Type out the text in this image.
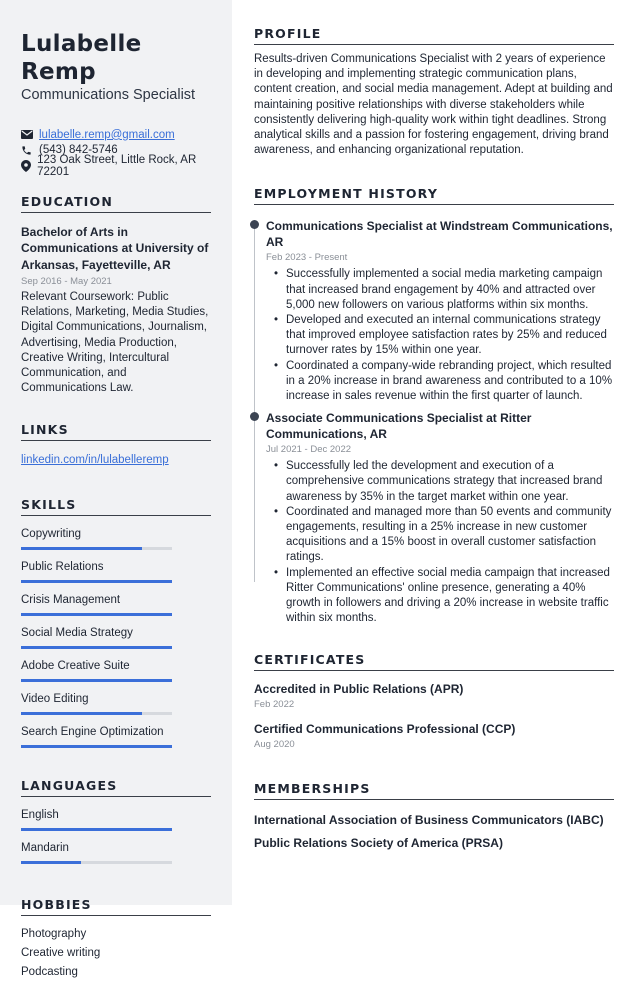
Lulabelle Remp
Communications Specialist
lulabelle.remp@gmail.com
(543) 842-5746
123 Oak Street, Little Rock, AR 72201
EDUCATION
Bachelor of Arts in Communications at University of Arkansas, Fayetteville, AR
Sep 2016 - May 2021
Relevant Coursework: Public Relations, Marketing, Media Studies, Digital Communications, Journalism, Advertising, Media Production, Creative Writing, Intercultural Communication, and Communications Law.
LINKS
linkedin.com/in/lulabelleremp
SKILLS
Copywriting
Public Relations
Crisis Management
Social Media Strategy
Adobe Creative Suite
Video Editing
Search Engine Optimization
LANGUAGES
English
Mandarin
HOBBIES
Photography
Creative writing
Podcasting
PROFILE
Results-driven Communications Specialist with 2 years of experience in developing and implementing strategic communication plans, content creation, and social media management. Adept at building and maintaining positive relationships with diverse stakeholders while consistently delivering high-quality work within tight deadlines. Strong analytical skills and a passion for fostering engagement, driving brand awareness, and enhancing organizational reputation.
EMPLOYMENT HISTORY
Communications Specialist at Windstream Communications, AR
Feb 2023 - Present
• Successfully implemented a social media marketing campaign that increased brand engagement by 40% and attracted over 5,000 new followers on various platforms within six months.
• Developed and executed an internal communications strategy that improved employee satisfaction rates by 25% and reduced turnover rates by 15% within one year.
• Coordinated a company-wide rebranding project, which resulted in a 20% increase in brand awareness and contributed to a 10% increase in sales revenue within the first quarter of launch.
Associate Communications Specialist at Ritter Communications, AR
Jul 2021 - Dec 2022
• Successfully led the development and execution of a comprehensive communications strategy that increased brand awareness by 35% in the target market within one year.
• Coordinated and managed more than 50 events and community engagements, resulting in a 25% increase in new customer acquisitions and a 15% boost in overall customer satisfaction ratings.
• Implemented an effective social media campaign that increased Ritter Communications' online presence, generating a 40% growth in followers and driving a 20% increase in website traffic within six months.
CERTIFICATES
Accredited in Public Relations (APR)
Feb 2022
Certified Communications Professional (CCP)
Aug 2020
MEMBERSHIPS
International Association of Business Communicators (IABC)
Public Relations Society of America (PRSA)
